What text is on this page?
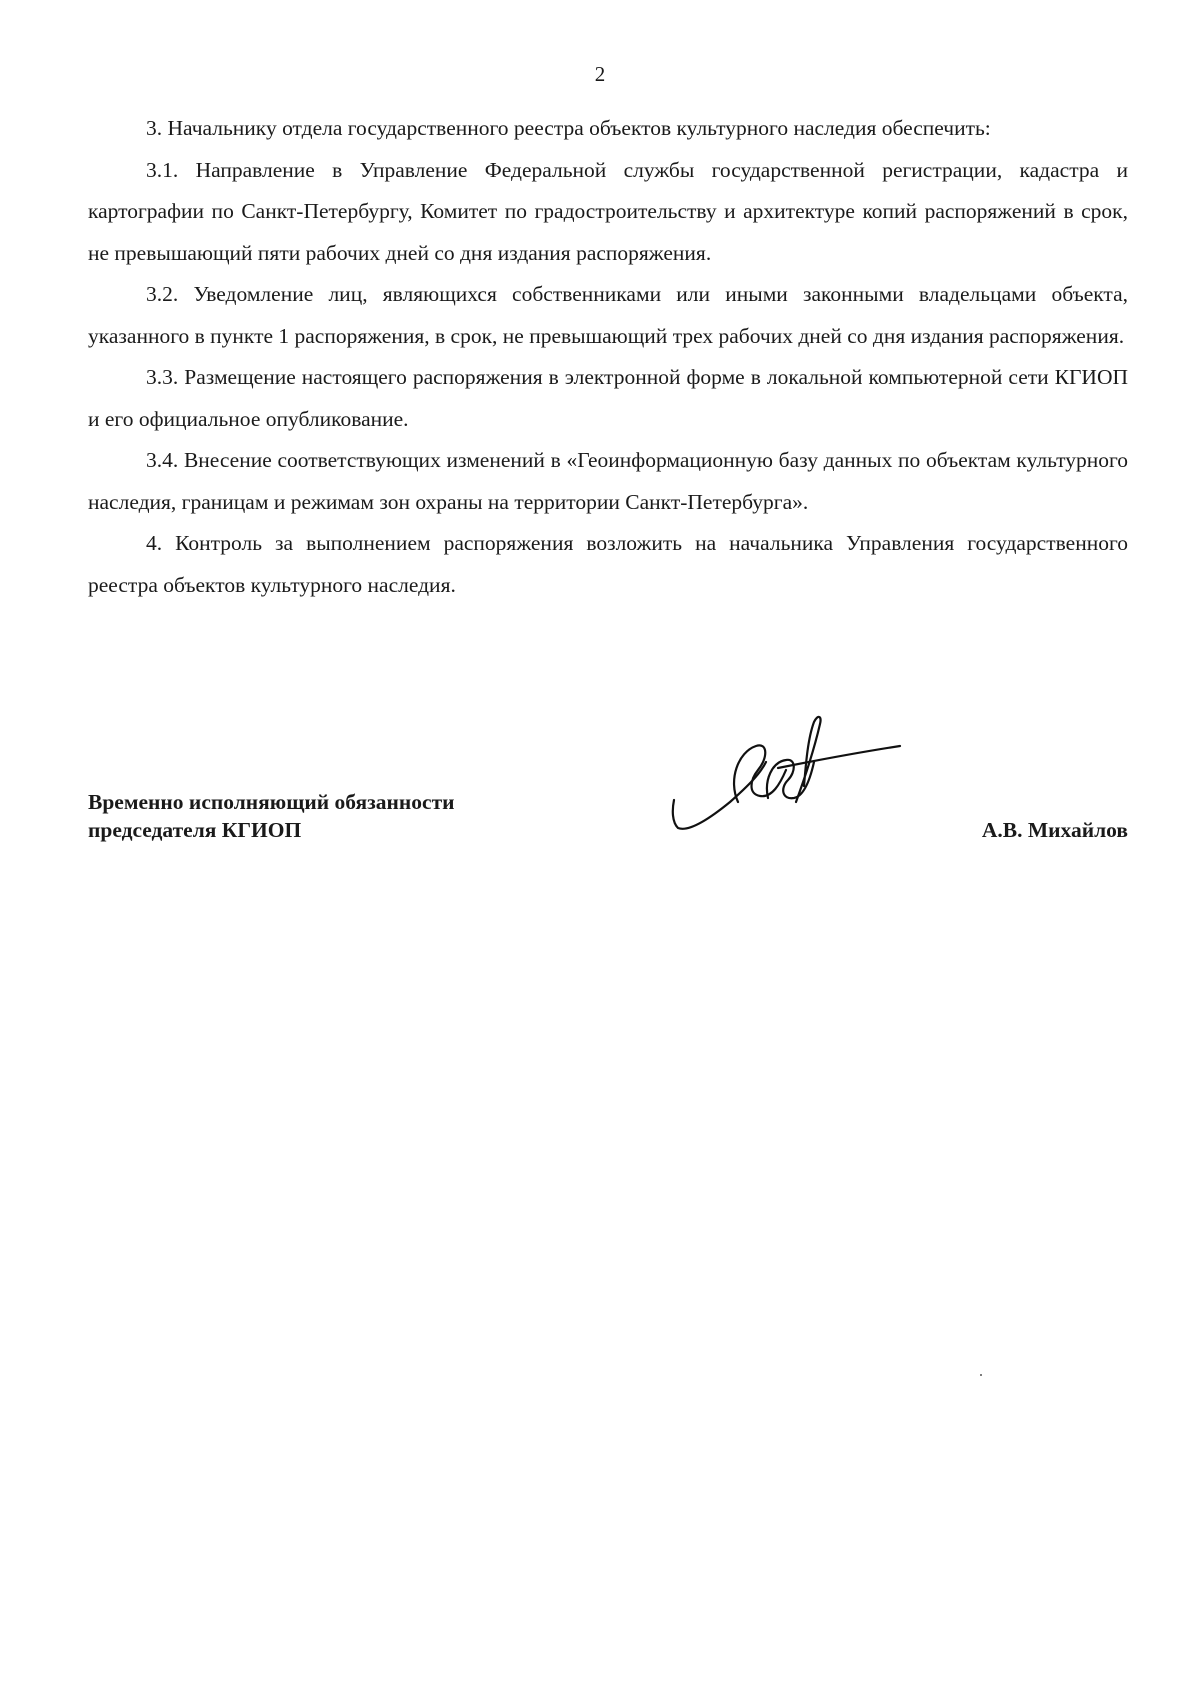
2

3. Начальнику отдела государственного реестра объектов культурного наследия обеспечить:

3.1. Направление в Управление Федеральной службы государственной регистрации, кадастра и картографии по Санкт-Петербургу, Комитет по градостроительству и архитектуре копий распоряжений в срок, не превышающий пяти рабочих дней со дня издания распоряжения.

3.2. Уведомление лиц, являющихся собственниками или иными законными владельцами объекта, указанного в пункте 1 распоряжения, в срок, не превышающий трех рабочих дней со дня издания распоряжения.

3.3. Размещение настоящего распоряжения в электронной форме в локальной компьютерной сети КГИОП и его официальное опубликование.

3.4. Внесение соответствующих изменений в «Геоинформационную базу данных по объектам культурного наследия, границам и режимам зон охраны на территории Санкт-Петербурга».

4. Контроль за выполнением распоряжения возложить на начальника Управления государственного реестра объектов культурного наследия.

Временно исполняющий обязанности
председателя КГИОП	А.В. Михайлов
